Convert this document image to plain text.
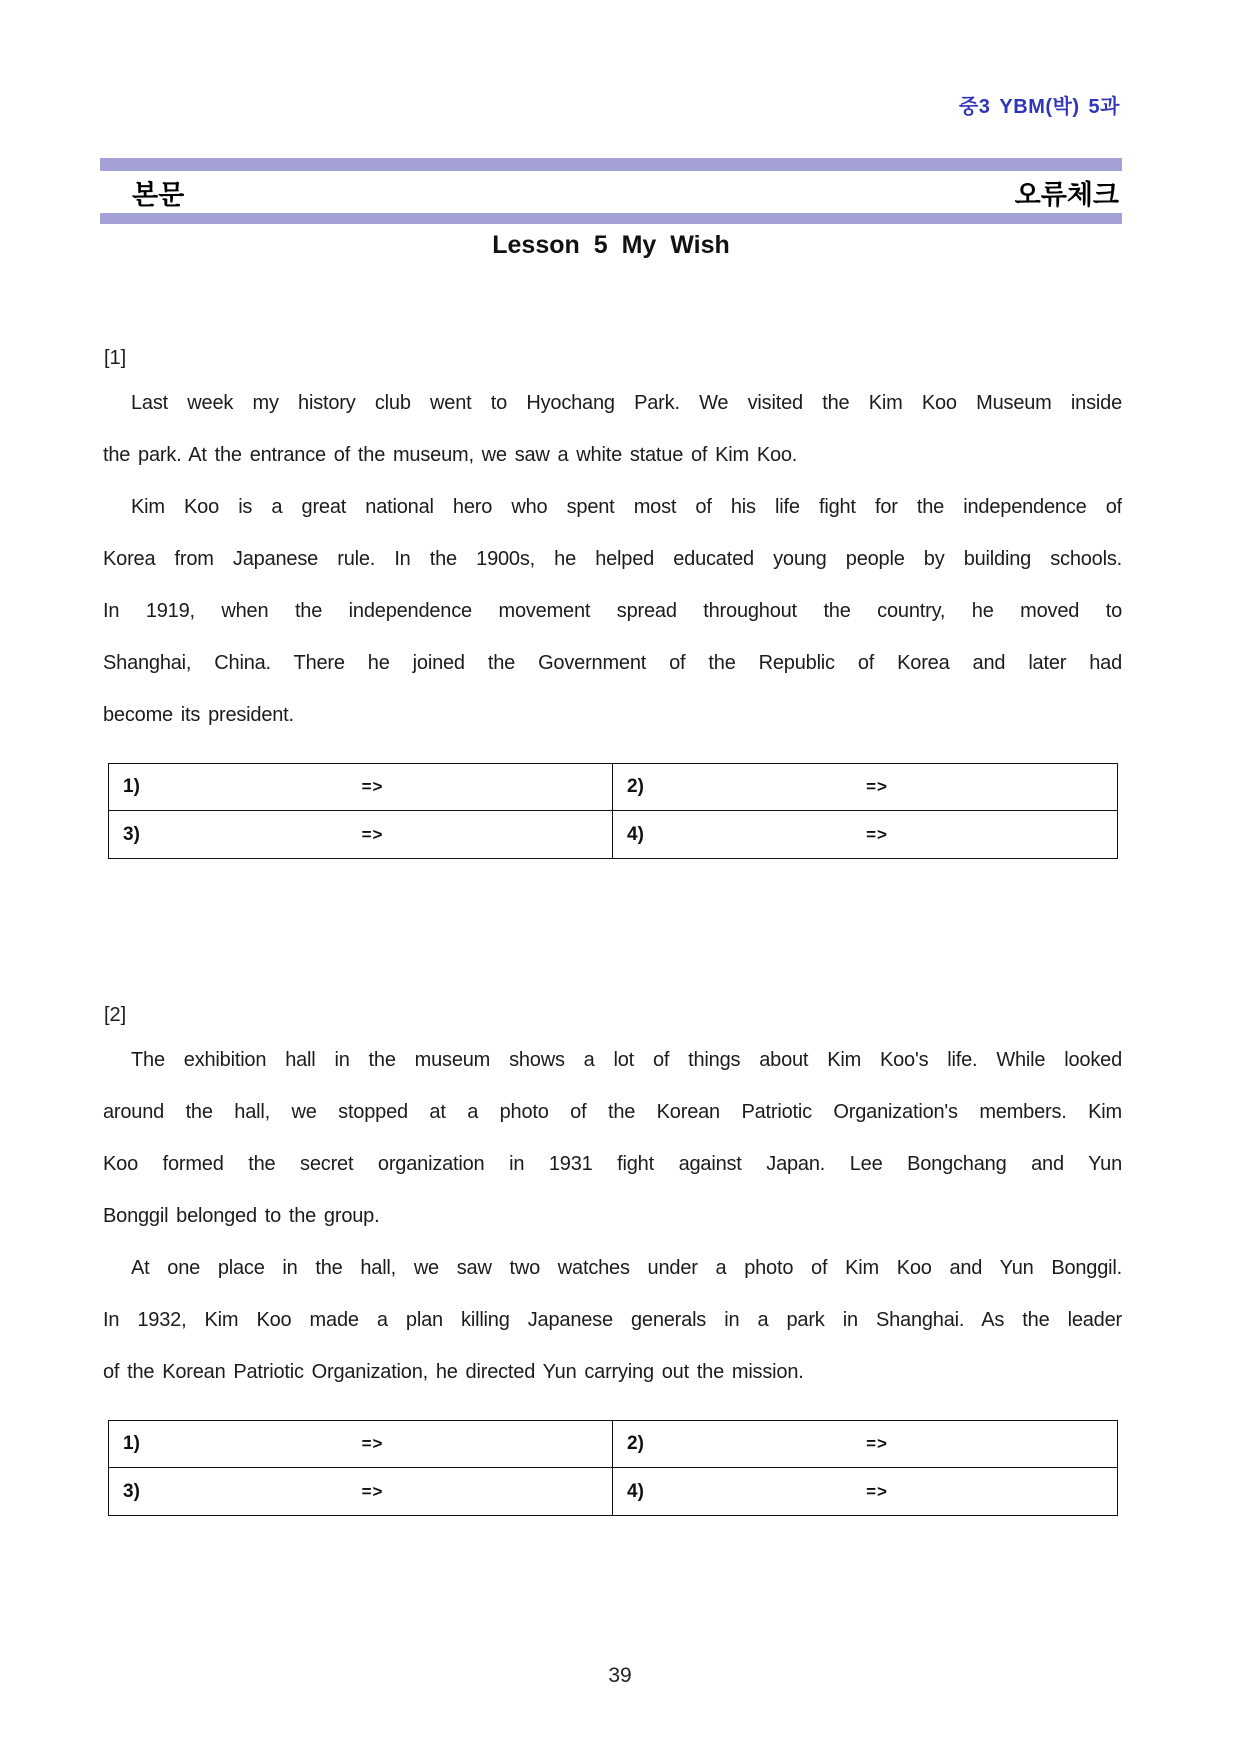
중3 YBM(박) 5과
본문	오류체크
Lesson 5 My Wish
[1]
Last week my history club went to Hyochang Park. We visited the Kim Koo Museum inside
the park. At the entrance of the museum, we saw a white statue of Kim Koo.
Kim Koo is a great national hero who spent most of his life fight for the independence of
Korea from Japanese rule. In the 1900s, he helped educated young people by building schools.
In 1919, when the independence movement spread throughout the country, he moved to
Shanghai, China. There he joined the Government of the Republic of Korea and later had
become its president.
1)	=>	2)	=>
3)	=>	4)	=>
[2]
The exhibition hall in the museum shows a lot of things about Kim Koo's life. While looked
around the hall, we stopped at a photo of the Korean Patriotic Organization's members. Kim
Koo formed the secret organization in 1931 fight against Japan. Lee Bongchang and Yun
Bonggil belonged to the group.
At one place in the hall, we saw two watches under a photo of Kim Koo and Yun Bonggil.
In 1932, Kim Koo made a plan killing Japanese generals in a park in Shanghai. As the leader
of the Korean Patriotic Organization, he directed Yun carrying out the mission.
1)	=>	2)	=>
3)	=>	4)	=>
39
